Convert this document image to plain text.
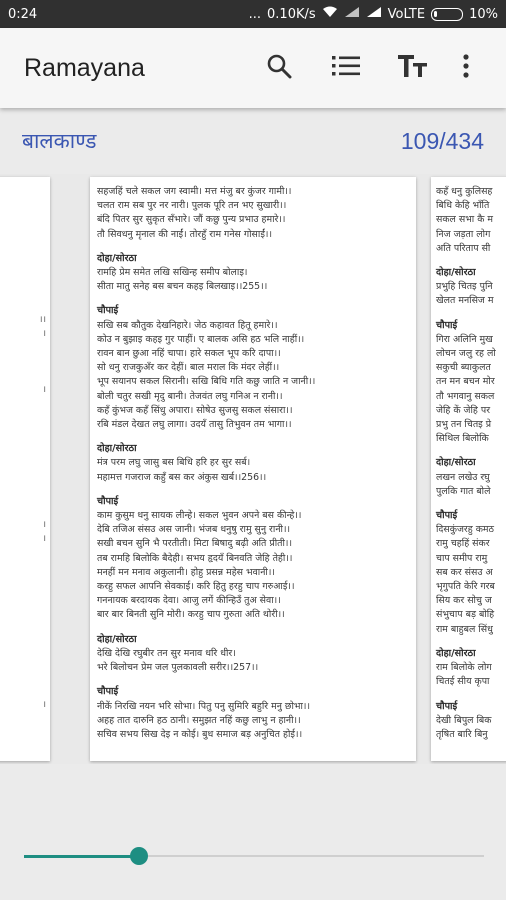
0:24	... 0.10K/s	VoLTE	10%
Ramayana
बालकाण्ड	109/434
।।
।
।
।
।
।
सहजहिं चले सकल जग स्वामी। मत्त मंजु बर कुंजर गामी।।
चलत राम सब पुर नर नारी। पुलक पूरि तन भए सुखारी।।
बंदि पितर सुर सुकृत सँभारे। जौं कछु पुन्य प्रभाउ हमारे।।
तौ सिवधनु मृनाल की नाईं। तोरहुँ राम गनेस गोसाईं।।
दोहा/सोरठा
रामहि प्रेम समेत लखि सखिन्ह समीप बोलाइ।
सीता मातु सनेह बस बचन कहइ बिलखाइ।।255।।
चौपाई
सखि सब कौतुक देखनिहारे। जेठ कहावत हितू हमारे।।
कोउ न बुझाइ कहइ गुर पाहीं। ए बालक असि हठ भलि नाहीं।।
रावन बान छुआ नहिं चापा। हारे सकल भूप करि दापा।।
सो धनु राजकुअँर कर देहीं। बाल मराल कि मंदर लेहीं।।
भूप सयानप सकल सिरानी। सखि बिधि गति कछु जाति न जानी।।
बोली चतुर सखी मृदु बानी। तेजवंत लघु गनिअ न रानी।।
कहँ कुंभज कहँ सिंधु अपारा। सोषेउ सुजसु सकल संसारा।।
रबि मंडल देखत लघु लागा। उदयँ तासु तिभुवन तम भागा।।
दोहा/सोरठा
मंत्र परम लघु जासु बस बिधि हरि हर सुर सर्ब।
महामत्त गजराज कहुँ बस कर अंकुस खर्ब।।256।।
चौपाई
काम कुसुम धनु सायक लीन्हे। सकल भुवन अपने बस कीन्हे।।
देबि तजिअ संसउ अस जानी। भंजब धनुषु रामु सुनु रानी।।
सखी बचन सुनि भै परतीती। मिटा बिषादु बढ़ी अति प्रीती।।
तब रामहि बिलोकि बैदेही। सभय हृदयँ बिनवति जेहि तेही।।
मनहीं मन मनाव अकुलानी। होहु प्रसन्न महेस भवानी।।
करहु सफल आपनि सेवकाई। करि हितु हरहु चाप गरुआई।।
गननायक बरदायक देवा। आजु लगें कीन्हिउँ तुअ सेवा।।
बार बार बिनती सुनि मोरी। करहु चाप गुरुता अति थोरी।।
दोहा/सोरठा
देखि देखि रघुबीर तन सुर मनाव धरि धीर।
भरे बिलोचन प्रेम जल पुलकावली सरीर।।257।।
चौपाई
नीकें निरखि नयन भरि सोभा। पितु पनु सुमिरि बहुरि मनु छोभा।।
अहह तात दारुनि हठ ठानी। समुझत नहिं कछु लाभु न हानी।।
सचिव सभय सिख देइ न कोई। बुध समाज बड़ अनुचित होई।।
कहँ धनु कुलिसह
बिधि केहि भाँति
सकल सभा कै म
निज जड़ता लोग
अति परिताप सी
दोहा/सोरठा
प्रभुहि चितइ पुनि
खेलत मनसिज म
चौपाई
गिरा अलिनि मुख
लोचन जलु रह लो
सकुची ब्याकुलत
तन मन बचन मोर
तौ भगवानु सकल
जेहि कें जेहि पर
प्रभु तन चितइ प्रे
सिथिल बिलोकि
दोहा/सोरठा
लखन लखेउ रघु
पुलकि गात बोले
चौपाई
दिसकुंजरहु कमठ
रामु चहहिं संकर
चाप समीप रामु
सब कर संसउ अ
भृगुपति केरि गरब
सिय कर सोचु ज
संभुचाप बड़ बोहि
राम बाहुबल सिंधु
दोहा/सोरठा
राम बिलोके लोग
चितई सीय कृपा
चौपाई
देखी बिपुल बिक
तृषित बारि बिनु
